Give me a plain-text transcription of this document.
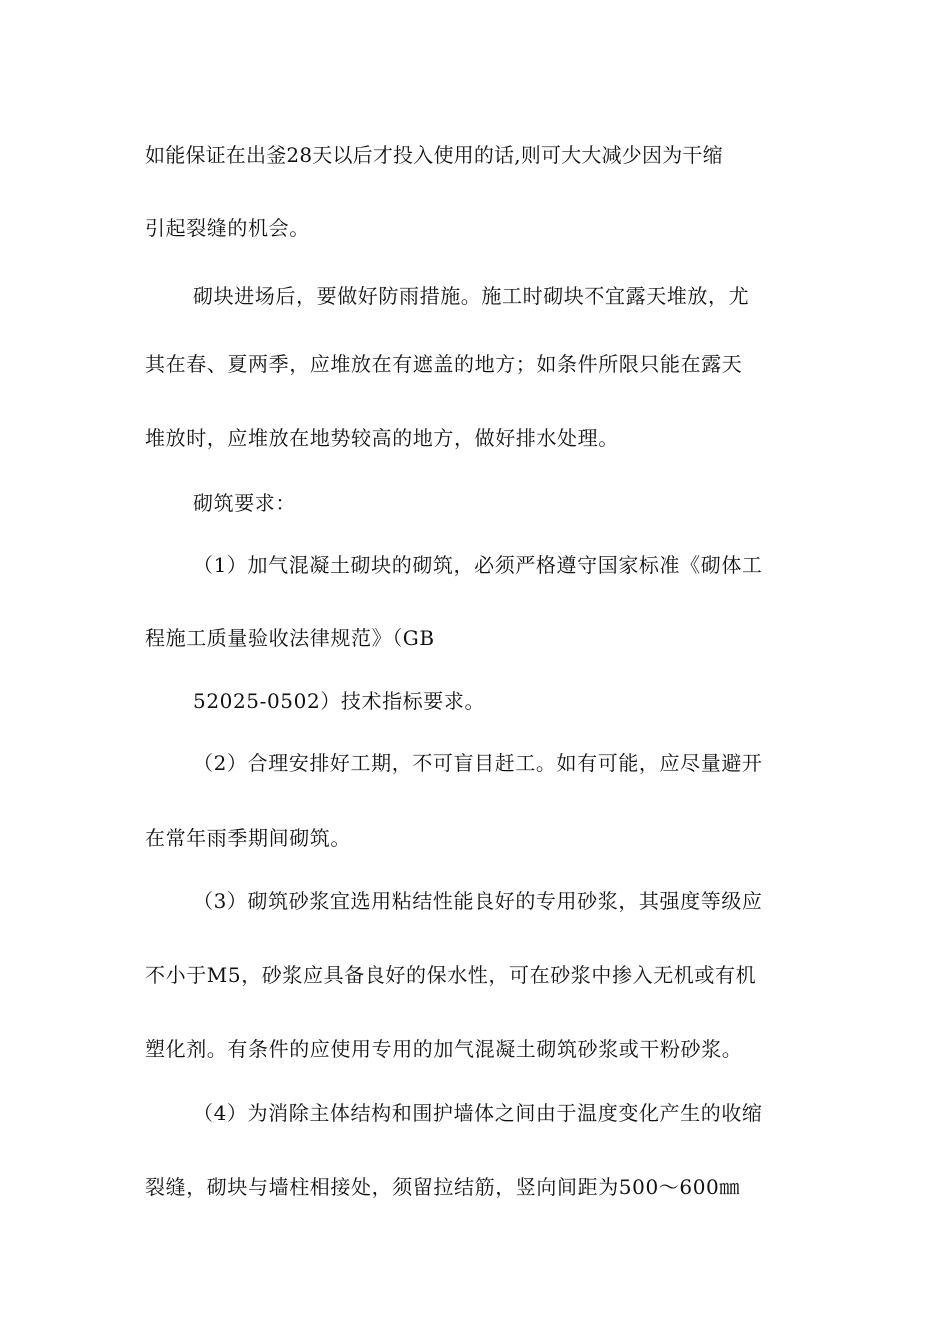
如能保证在出釜28天以后才投入使用的话,则可大大减少因为干缩
引起裂缝的机会。
砌块进场后，要做好防雨措施。施工时砌块不宜露天堆放，尤
其在春、夏两季，应堆放在有遮盖的地方；如条件所限只能在露天
堆放时，应堆放在地势较高的地方，做好排水处理。
砌筑要求：
（1）加气混凝土砌块的砌筑，必须严格遵守国家标准《砌体工
程施工质量验收法律规范》（GB
52025-0502）技术指标要求。
（2）合理安排好工期，不可盲目赶工。如有可能，应尽量避开
在常年雨季期间砌筑。
（3）砌筑砂浆宜选用粘结性能良好的专用砂浆，其强度等级应
不小于M5，砂浆应具备良好的保水性，可在砂浆中掺入无机或有机
塑化剂。有条件的应使用专用的加气混凝土砌筑砂浆或干粉砂浆。
（4）为消除主体结构和围护墙体之间由于温度变化产生的收缩
裂缝，砌块与墙柱相接处，须留拉结筋，竖向间距为500～600㎜
